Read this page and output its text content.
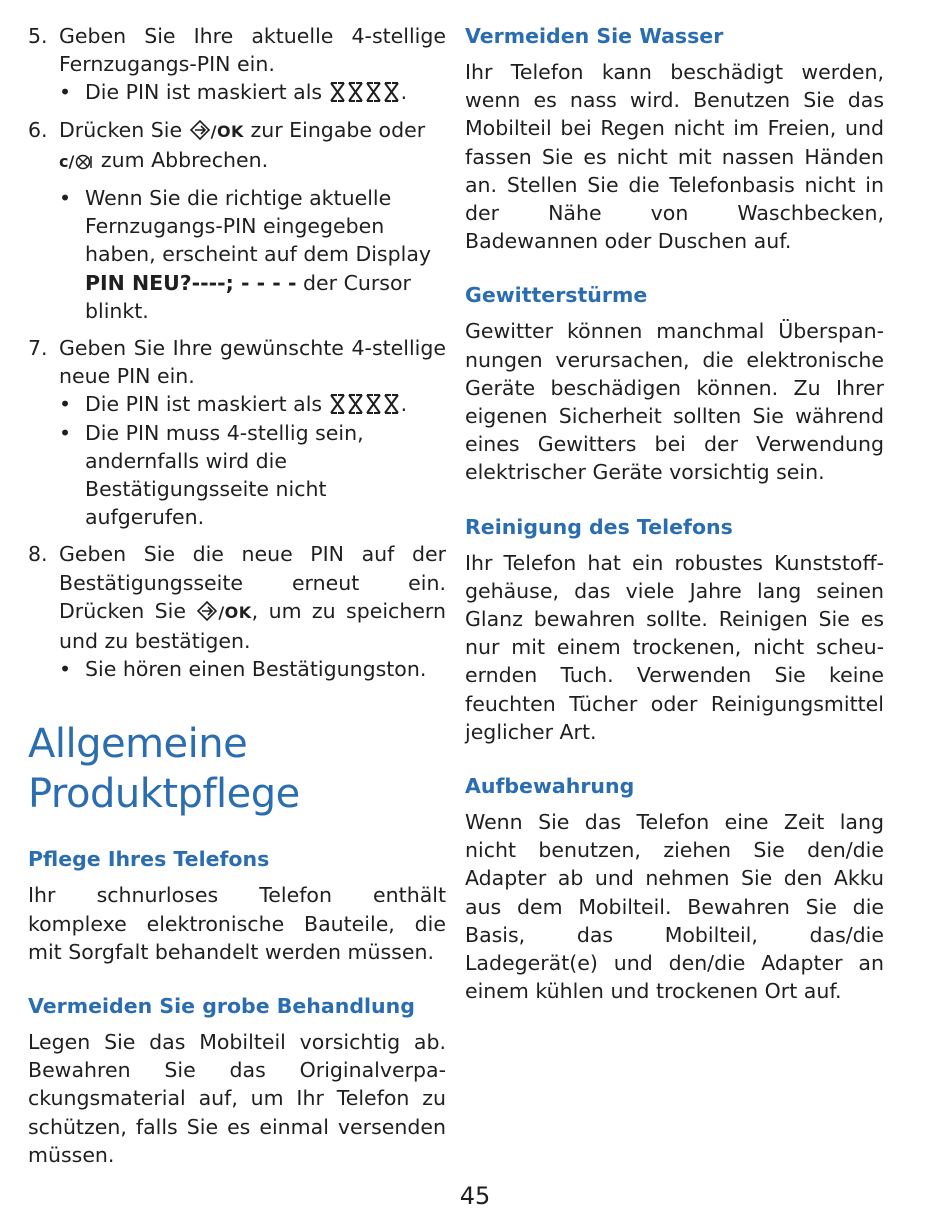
5. Geben Sie Ihre aktuelle 4-stellige Fernzugangs-PIN ein.
• Die PIN ist maskiert als	.
6. Drücken Sie /OK zur Eingabe oder
c/ zum Abbrechen.
• Wenn Sie die richtige aktuelle Fernzugangs-PIN eingegeben haben, erscheint auf dem Display
PIN NEU?----; - - - - der Cursor blinkt.
7. Geben Sie Ihre gewünschte 4-stellige neue PIN ein.
• Die PIN ist maskiert als	.
• Die PIN muss 4-stellig sein, andernfalls wird die Bestätigungsseite nicht aufgerufen.
8. Geben Sie die neue PIN auf der Bestätigungsseite erneut ein. Drücken Sie /OK, um zu speichern und zu bestätigen.
• Sie hören einen Bestätigungston.
Allgemeine
Produktpflege
Pflege Ihres Telefons

Ihr schnurloses Telefon enthält komplexe elektronische Bauteile, die mit Sorgfalt behandelt werden müssen.

Vermeiden Sie grobe Behandlung

Legen Sie das Mobilteil vorsichtig ab. Bewahren Sie das Originalverpackungsmaterial auf, um Ihr Telefon zu schützen, falls Sie es einmal versenden müssen.

Vermeiden Sie Wasser

Ihr Telefon kann beschädigt werden, wenn es nass wird. Benutzen Sie das Mobilteil bei Regen nicht im Freien, und fassen Sie es nicht mit nassen Händen an. Stellen Sie die Telefonbasis nicht in der Nähe von Waschbecken, Badewannen oder Duschen auf.

Gewitterstürme

Gewitter können manchmal Überspannungen verursachen, die elektronische Geräte beschädigen können. Zu Ihrer eigenen Sicherheit sollten Sie während eines Gewitters bei der Verwendung elektrischer Geräte vorsichtig sein.

Reinigung des Telefons

Ihr Telefon hat ein robustes Kunststoffgehäuse, das viele Jahre lang seinen Glanz bewahren sollte. Reinigen Sie es nur mit einem trockenen, nicht scheuernden Tuch. Verwenden Sie keine feuchten Tücher oder Reinigungsmittel jeglicher Art.

Aufbewahrung

Wenn Sie das Telefon eine Zeit lang nicht benutzen, ziehen Sie den/die Adapter ab und nehmen Sie den Akku aus dem Mobilteil. Bewahren Sie die Basis, das Mobilteil, das/die Ladegerät(e) und den/die Adapter an einem kühlen und trockenen Ort auf.

45
